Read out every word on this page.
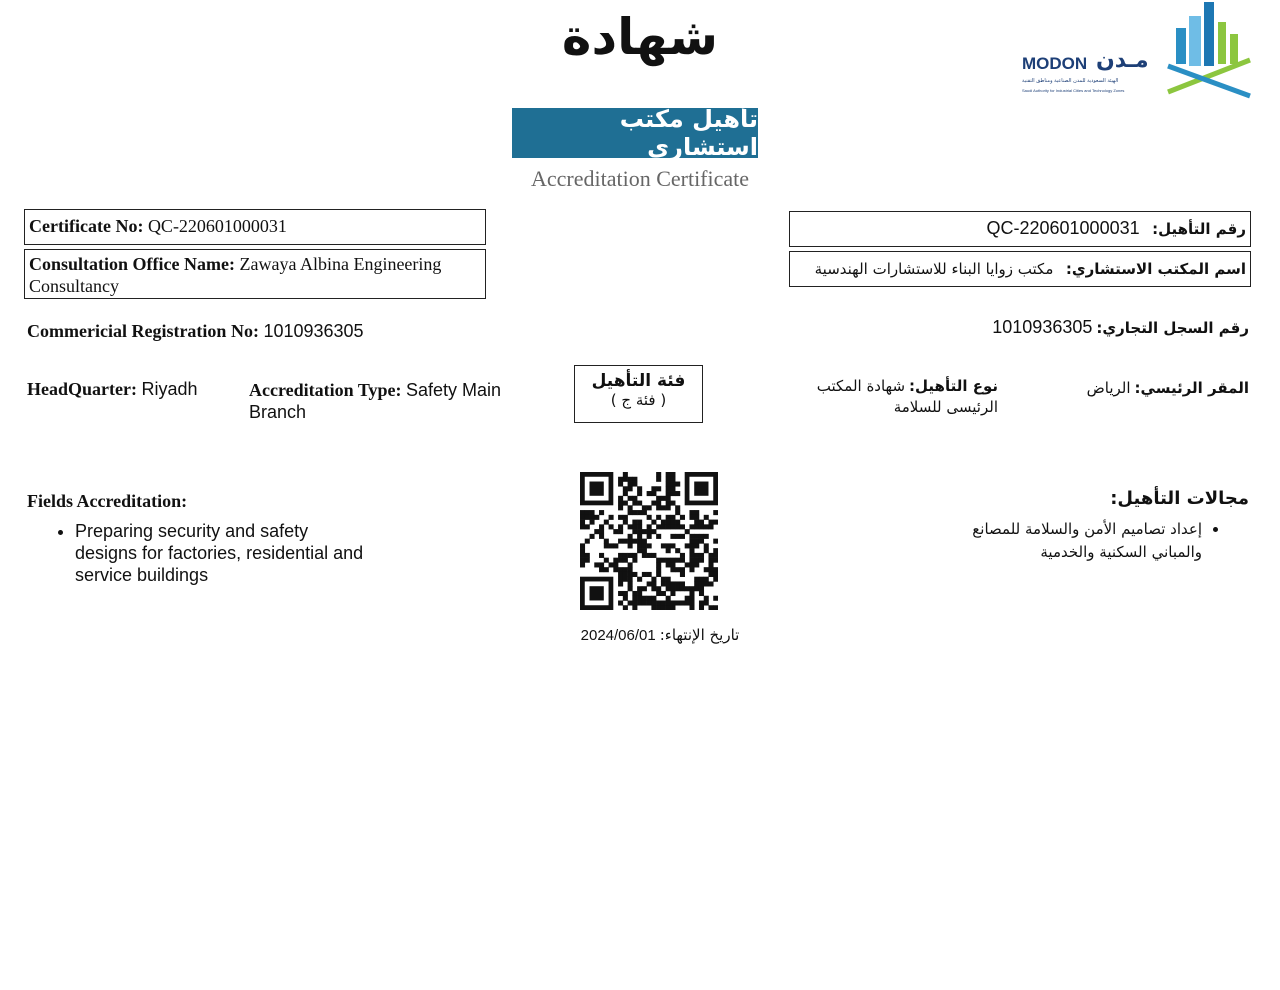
شهادة	MODON مـدن
الهيئة السعودية للمدن الصناعية ومناطق التقنية
Saudi Authority for Industrial Cities and Technology Zones
تأهيل مكتب استشاري
Accreditation Certificate
Certificate No: QC-220601000031
Consultation Office Name: Zawaya Albina Engineering Consultancy
رقم التأهيل: QC-220601000031
اسم المكتب الاستشاري: مكتب زوايا البناء للاستشارات الهندسية
Commericial Registration No: 1010936305	رقم السجل التجاري: 1010936305
HeadQuarter: Riyadh	Accreditation Type: Safety Main Branch
فئة التأهيل
( فئة ج )
نوع التأهيل: شهادة المكتب الرئيسى للسلامة
المقر الرئيسي: الرياض
Fields Accreditation:
• Preparing security and safety designs for factories, residential and service buildings
مجالات التأهيل:
• إعداد تصاميم الأمن والسلامة للمصانع والمباني السكنية والخدمية
تاريخ الإنتهاء: 2024/06/01
